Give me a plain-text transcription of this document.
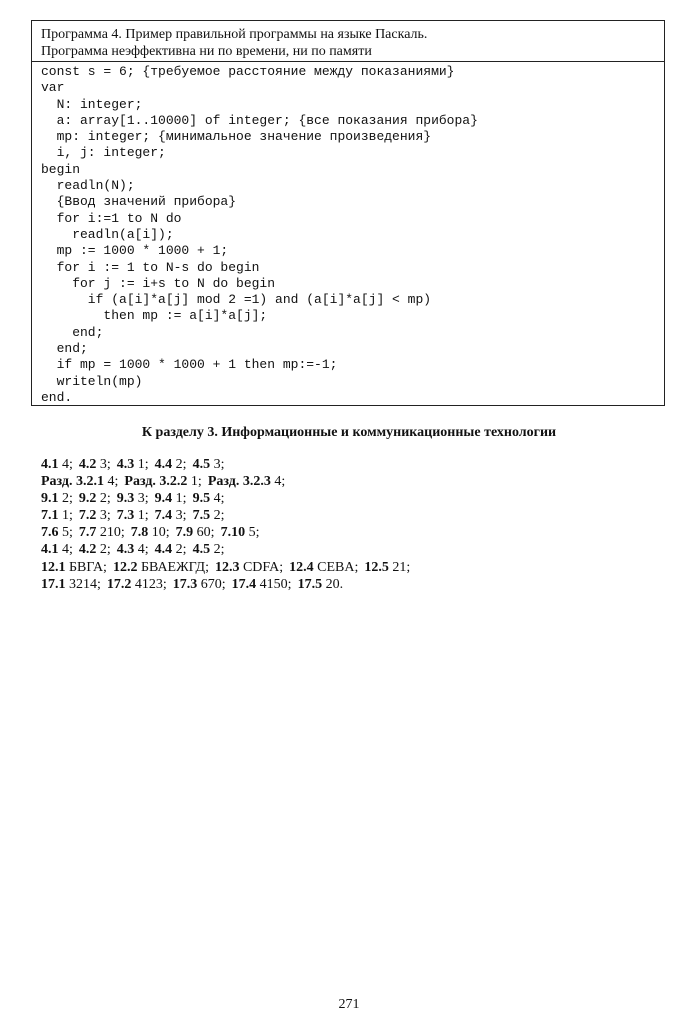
Программа 4. Пример правильной программы на языке Паскаль.
Программа неэффективна ни по времени, ни по памяти
const s = 6; {требуемое расстояние между показаниями}
var
N: integer;
a: array[1..10000] of integer; {все показания прибора}
mp: integer; {минимальное значение произведения}
i, j: integer;
begin
readln(N);
{Ввод значений прибора}
for i:=1 to N do
readln(a[i]);
mp := 1000 * 1000 + 1;
for i := 1 to N-s do begin
for j := i+s to N do begin
if (a[i]*a[j] mod 2 =1) and (a[i]*a[j] < mp)
then mp := a[i]*a[j];
end;
end;
if mp = 1000 * 1000 + 1 then mp:=-1;
writeln(mp)
end.
К разделу 3. Информационные и коммуникационные технологии
4.1 4; 4.2 3; 4.3 1; 4.4 2; 4.5 3;
Разд. 3.2.1 4; Разд. 3.2.2 1; Разд. 3.2.3 4;
9.1 2; 9.2 2; 9.3 3; 9.4 1; 9.5 4;
7.1 1; 7.2 3; 7.3 1; 7.4 3; 7.5 2;
7.6 5; 7.7 210; 7.8 10; 7.9 60; 7.10 5;
4.1 4; 4.2 2; 4.3 4; 4.4 2; 4.5 2;
12.1 БВГА; 12.2 БВАЕЖГД; 12.3 CDFA; 12.4 CEBA; 12.5 21;
17.1 3214; 17.2 4123; 17.3 670; 17.4 4150; 17.5 20.
271
